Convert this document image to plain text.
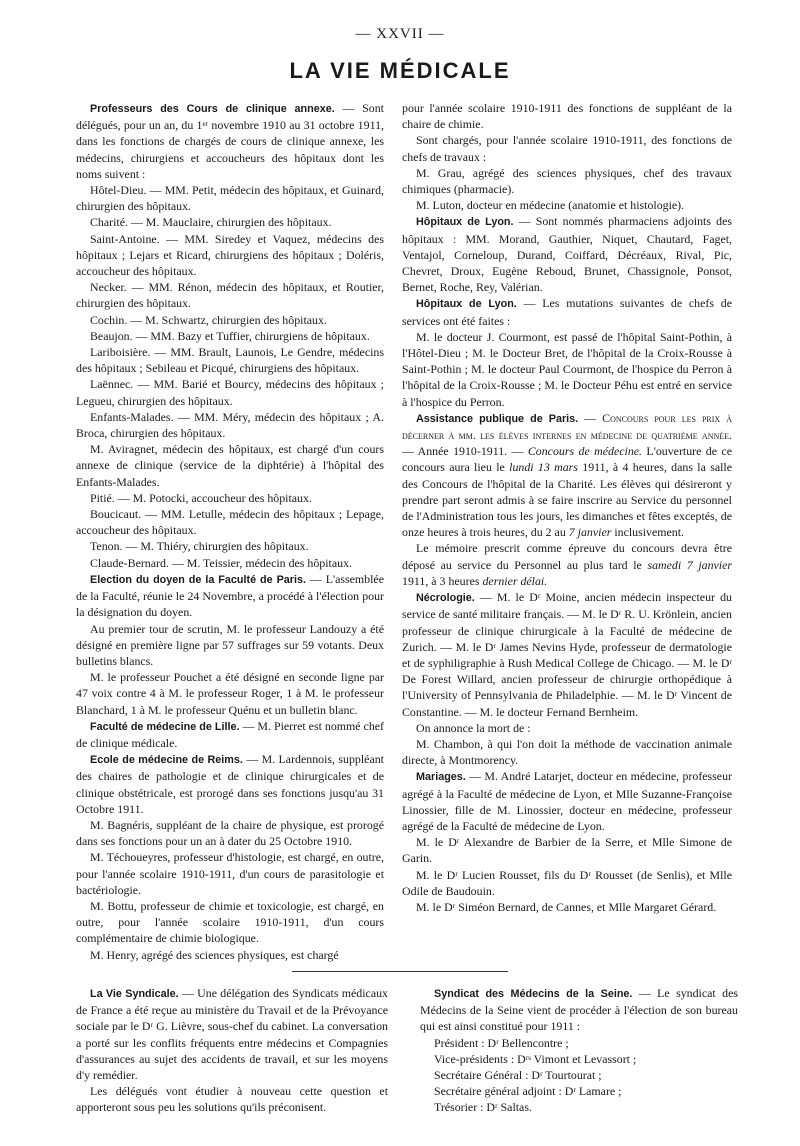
— XXVII —
LA VIE MÉDICALE

Professeurs des Cours de clinique annexe. — Sont délégués, pour un an, du 1ᵉʳ novembre 1910 au 31 octobre 1911, dans les fonctions de chargés de cours de clinique annexe, les médecins, chirurgiens et accoucheurs des hôpitaux dont les noms suivent :

Hôtel-Dieu. — MM. Petit, médecin des hôpitaux, et Guinard, chirurgien des hôpitaux.

Charité. — M. Mauclaire, chirurgien des hôpitaux.

Saint-Antoine. — MM. Siredey et Vaquez, médecins des hôpitaux ; Lejars et Ricard, chirurgiens des hôpitaux ; Doléris, accoucheur des hôpitaux.

Necker. — MM. Rénon, médecin des hôpitaux, et Routier, chirurgien des hôpitaux.

Cochin. — M. Schwartz, chirurgien des hôpitaux.

Beaujon. — MM. Bazy et Tuffier, chirurgiens de hôpitaux.

Lariboisière. — MM. Brault, Launois, Le Gendre, médecins des hôpitaux ; Sebileau et Picqué, chirurgiens des hôpitaux.

Laënnec. — MM. Barié et Bourcy, médecins des hôpitaux ; Legueu, chirurgien des hôpitaux.

Enfants-Malades. — MM. Méry, médecin des hôpitaux ; A. Broca, chirurgien des hôpitaux.

M. Aviragnet, médecin des hôpitaux, est chargé d'un cours annexe de clinique (service de la diphtérie) à l'hôpital des Enfants-Malades.

Pitié. — M. Potocki, accoucheur des hôpitaux.

Boucicaut. — MM. Letulle, médecin des hôpitaux ; Lepage, accoucheur des hôpitaux.

Tenon. — M. Thiéry, chirurgien des hôpitaux.

Claude-Bernard. — M. Teissier, médecin des hôpitaux.

Election du doyen de la Faculté de Paris. — L'assemblée de la Faculté, réunie le 24 Novembre, a procédé à l'élection pour la désignation du doyen.

Au premier tour de scrutin, M. le professeur Landouzy a été désigné en première ligne par 57 suffrages sur 59 votants. Deux bulletins blancs.

M. le professeur Pouchet a été désigné en seconde ligne par 47 voix contre 4 à M. le professeur Roger, 1 à M. le professeur Blanchard, 1 à M. le professeur Quénu et un bulletin blanc.

Faculté de médecine de Lille. — M. Pierret est nommé chef de clinique médicale.

Ecole de médecine de Reims. — M. Lardennois, suppléant des chaires de pathologie et de clinique chirurgicales et de clinique obstétricale, est prorogé dans ses fonctions jusqu'au 31 Octobre 1911.

M. Bagnéris, suppléant de la chaire de physique, est prorogé dans ses fonctions pour un an à dater du 25 Octobre 1910.

M. Téchoueyres, professeur d'histologie, est chargé, en outre, pour l'année scolaire 1910-1911, d'un cours de parasitologie et bactériologie.

M. Bottu, professeur de chimie et toxicologie, est chargé, en outre, pour l'année scolaire 1910-1911, d'un cours complémentaire de chimie biologique.

M. Henry, agrégé des sciences physiques, est chargé

pour l'année scolaire 1910-1911 des fonctions de suppléant de la chaire de chimie.

Sont chargés, pour l'année scolaire 1910-1911, des fonctions de chefs de travaux :

M. Grau, agrégé des sciences physiques, chef des travaux chimiques (pharmacie).

M. Luton, docteur en médecine (anatomie et histologie).

Hôpitaux de Lyon. — Sont nommés pharmaciens adjoints des hôpitaux : MM. Morand, Gauthier, Niquet, Chautard, Faget, Ventajol, Corneloup, Durand, Coiffard, Décréaux, Rival, Pic, Chevret, Droux, Eugène Reboud, Brunet, Chassignole, Ponsot, Bernet, Roche, Rey, Valérian.

Hôpitaux de Lyon. — Les mutations suivantes de chefs de services ont été faites :

M. le docteur J. Courmont, est passé de l'hôpital Saint-Pothin, à l'Hôtel-Dieu ; M. le Docteur Bret, de l'hôpital de la Croix-Rousse à Saint-Pothin ; M. le docteur Paul Courmont, de l'hospice du Perron à l'hôpital de la Croix-Rousse ; M. le Docteur Péhu est entré en service à l'hospice du Perron.

Assistance publique de Paris. — Concours pour les prix à décerner à mm. les élèves internes en médecine de quatrième année. — Année 1910-1911. — Concours de médecine. L'ouverture de ce concours aura lieu le lundi 13 mars 1911, à 4 heures, dans la salle des Concours de l'hôpital de la Charité. Les élèves qui désireront y prendre part seront admis à se faire inscrire au Service du personnel de l'Administration tous les jours, les dimanches et fêtes exceptés, de onze heures à trois heures, du 2 au 7 janvier inclusivement.

Le mémoire prescrit comme épreuve du concours devra être déposé au service du Personnel au plus tard le samedi 7 janvier 1911, à 3 heures dernier délai.

Nécrologie. — M. le Dʳ Moine, ancien médecin inspecteur du service de santé militaire français. — M. le Dʳ R. U. Krönlein, ancien professeur de clinique chirurgicale à la Faculté de médecine de Zurich. — M. le Dʳ James Nevins Hyde, professeur de dermatologie et de syphiligraphie à Rush Medical College de Chicago. — M. le Dʳ De Forest Willard, ancien professeur de chirurgie orthopédique à l'University of Pennsylvania de Philadelphie. — M. le Dʳ Vincent de Constantine. — M. le docteur Fernand Bernheim.

On annonce la mort de :

M. Chambon, à qui l'on doit la méthode de vaccination animale directe, à Montmorency.

Mariages. — M. André Latarjet, docteur en médecine, professeur agrégé à la Faculté de médecine de Lyon, et Mlle Suzanne-Françoise Linossier, fille de M. Linossier, docteur en médecine, professeur agrégé de la Faculté de médecine de Lyon.

M. le Dʳ Alexandre de Barbier de la Serre, et Mlle Simone de Garin.

M. le Dʳ Lucien Rousset, fils du Dʳ Rousset (de Senlis), et Mlle Odile de Baudouin.

M. le Dʳ Siméon Bernard, de Cannes, et Mlle Margaret Gérard.

La Vie Syndicale. — Une délégation des Syndicats médicaux de France a été reçue au ministère du Travail et de la Prévoyance sociale par le Dʳ G. Lièvre, sous-chef du cabinet. La conversation a porté sur les conflits fréquents entre médecins et Compagnies d'assurances au sujet des accidents de travail, et sur les moyens d'y remédier.

Les délégués vont étudier à nouveau cette question et apporteront sous peu les solutions qu'ils préconisent.

Syndicat des Médecins de la Seine. — Le syndicat des Médecins de la Seine vient de procéder à l'élection de son bureau qui est ainsi constitué pour 1911 :

Président : Dʳ Bellencontre ;

Vice-présidents : Dʳˢ Vimont et Levassort ;

Secrétaire Général : Dʳ Tourtourat ;

Secrétaire général adjoint : Dʳ Lamare ;

Trésorier : Dʳ Saltas.
